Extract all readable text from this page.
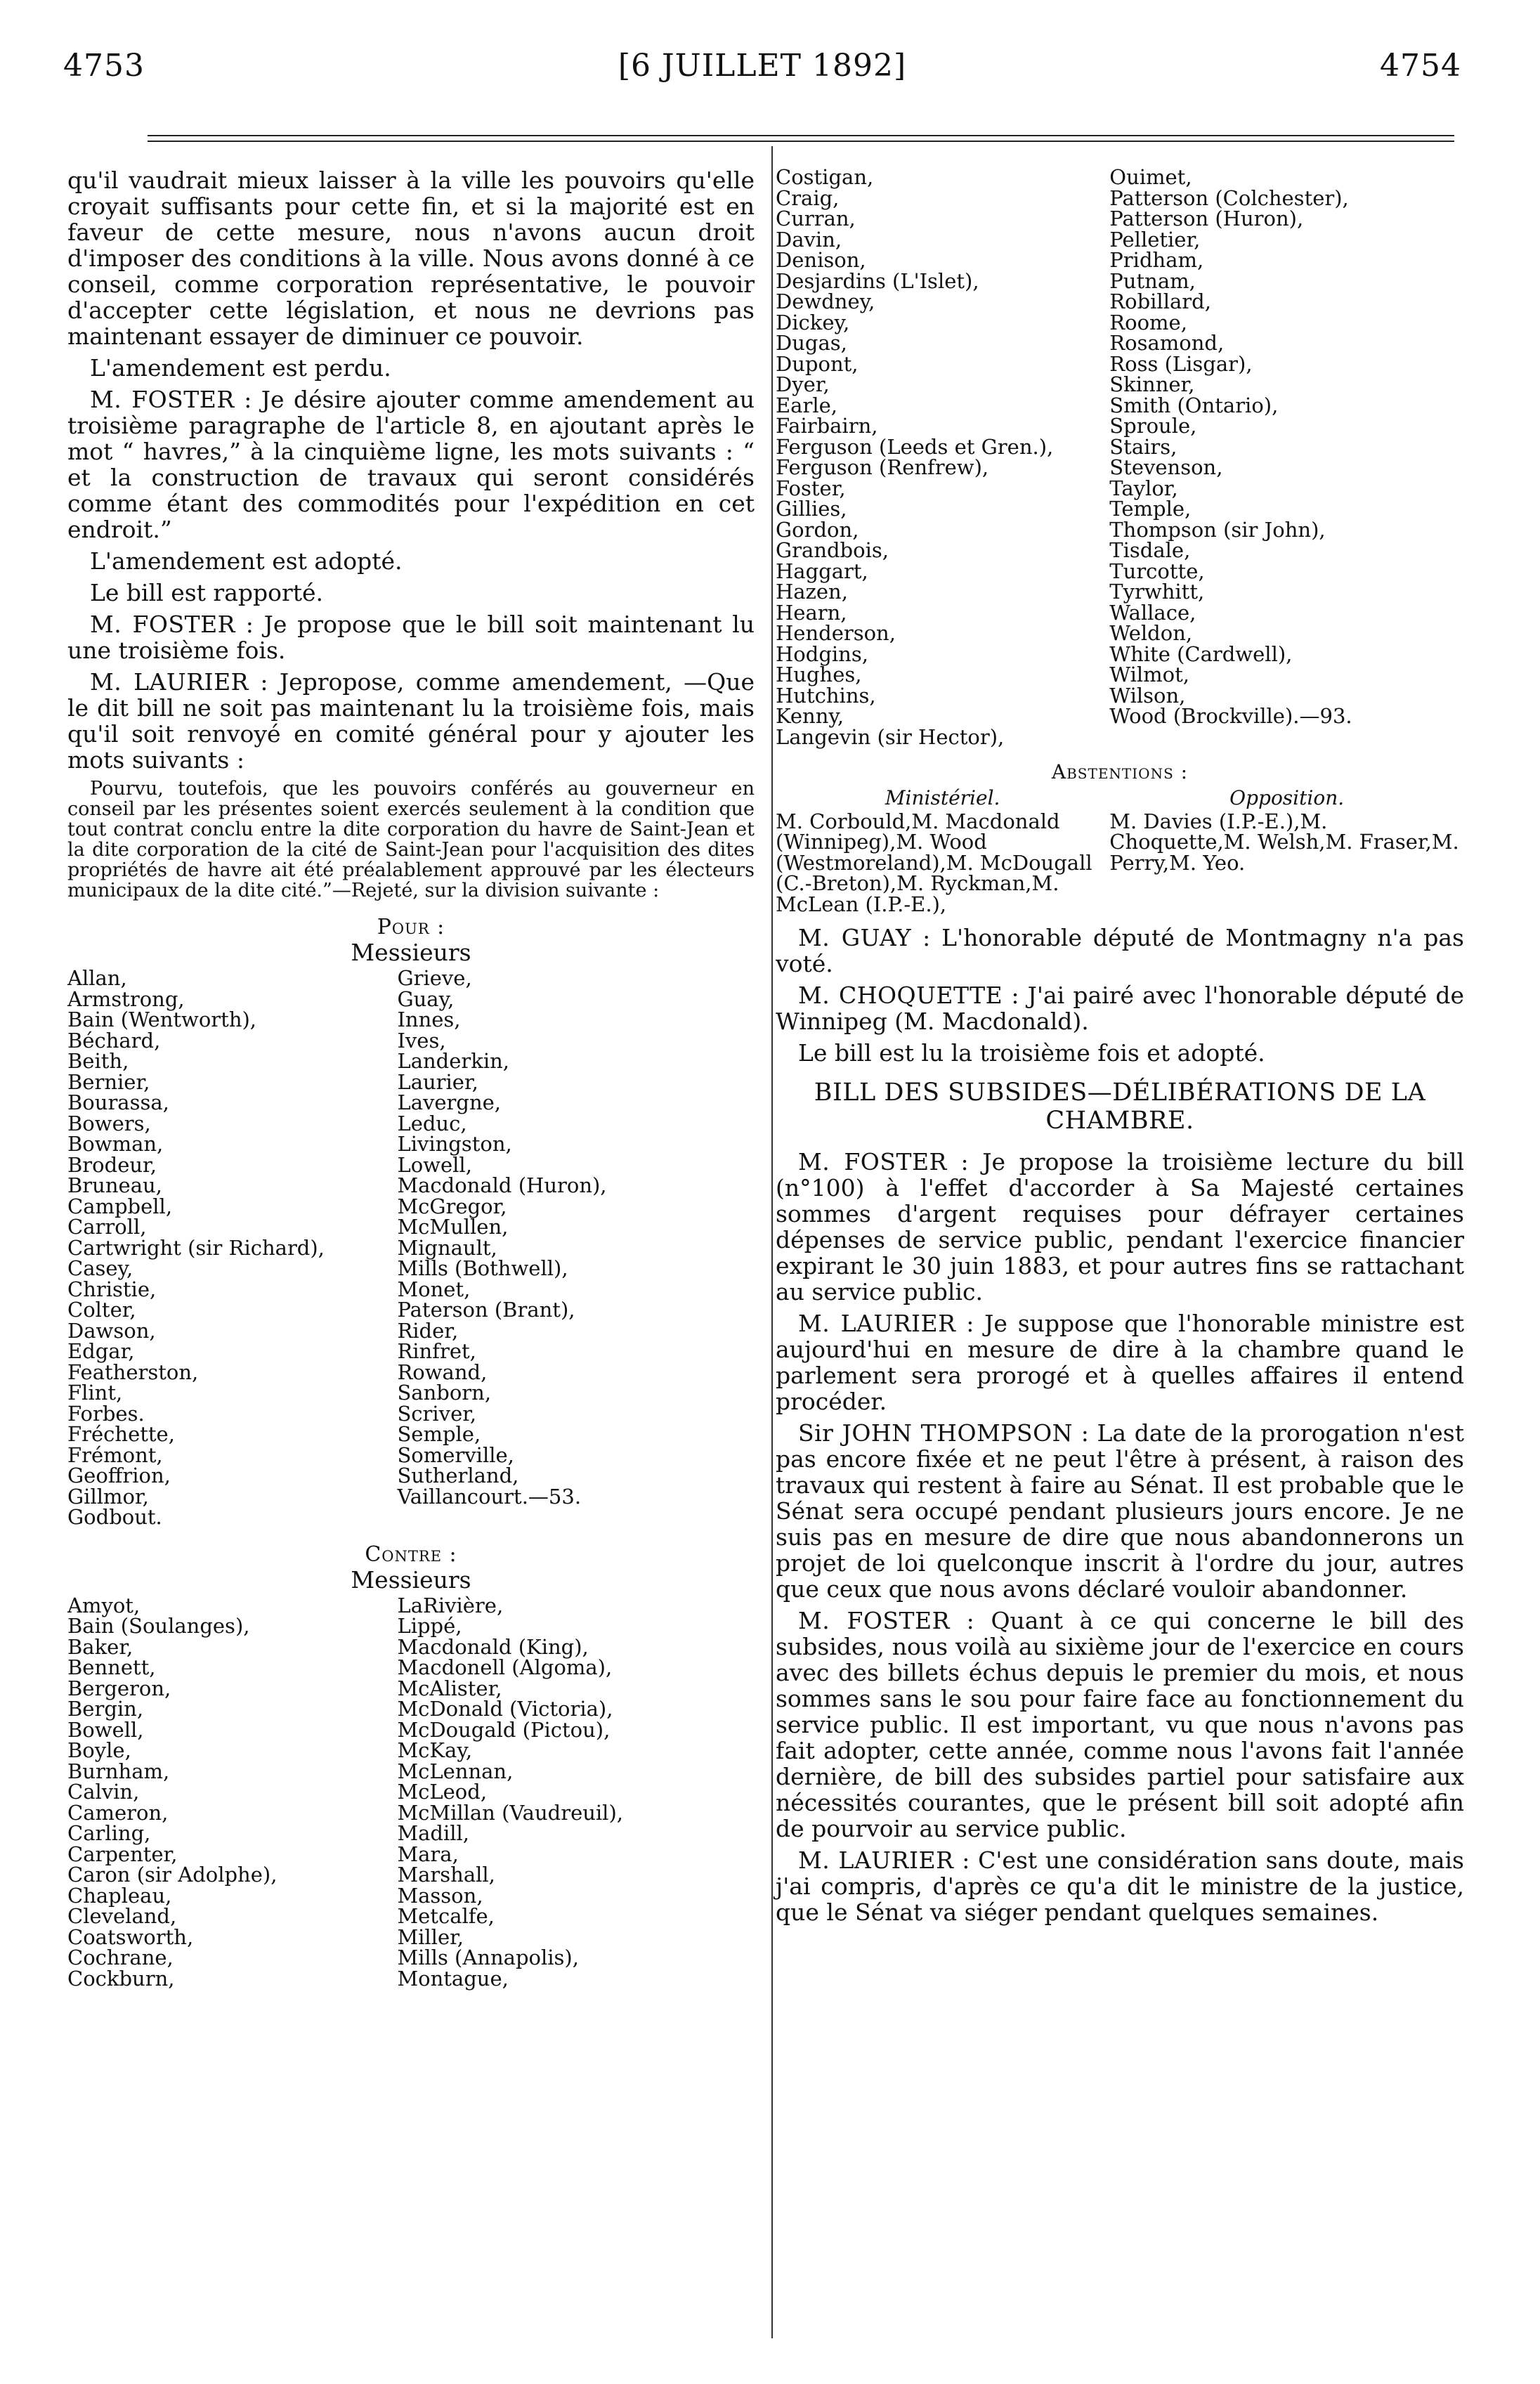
4753	[6 JUILLET 1892]	4754

qu'il vaudrait mieux laisser à la ville les pouvoirs qu'elle croyait suffisants pour cette fin, et si la majorité est en faveur de cette mesure, nous n'avons aucun droit d'imposer des conditions à la ville. Nous avons donné à ce conseil, comme corporation représentative, le pouvoir d'accepter cette législation, et nous ne devrions pas maintenant essayer de diminuer ce pouvoir.

L'amendement est perdu.

M. FOSTER : Je désire ajouter comme amendement au troisième paragraphe de l'article 8, en ajoutant après le mot “ havres,” à la cinquième ligne, les mots suivants : “ et la construction de travaux qui seront considérés comme étant des commodités pour l'expédition en cet endroit.”

L'amendement est adopté.

Le bill est rapporté.

M. FOSTER : Je propose que le bill soit maintenant lu une troisième fois.

M. LAURIER : Jepropose, comme amendement, —Que le dit bill ne soit pas maintenant lu la troisième fois, mais qu'il soit renvoyé en comité général pour y ajouter les mots suivants :

Pourvu, toutefois, que les pouvoirs conférés au gouverneur en conseil par les présentes soient exercés seulement à la condition que tout contrat conclu entre la dite corporation du havre de Saint-Jean et la dite corporation de la cité de Saint-Jean pour l'acquisition des dites propriétés de havre ait été préalablement approuvé par les électeurs municipaux de la dite cité.”—Rejeté, sur la division suivante :

Pour :
Messieurs
Allan,
Armstrong,
Bain (Wentworth),
Béchard,
Beith,
Bernier,
Bourassa,
Bowers,
Bowman,
Brodeur,
Bruneau,
Campbell,
Carroll,
Cartwright (sir Richard),
Casey,
Christie,
Colter,
Dawson,
Edgar,
Featherston,
Flint,
Forbes.
Fréchette,
Frémont,
Geoffrion,
Gillmor,
Godbout.
Grieve,
Guay,
Innes,
Ives,
Landerkin,
Laurier,
Lavergne,
Leduc,
Livingston,
Lowell,
Macdonald (Huron),
McGregor,
McMullen,
Mignault,
Mills (Bothwell),
Monet,
Paterson (Brant),
Rider,
Rinfret,
Rowand,
Sanborn,
Scriver,
Semple,
Somerville,
Sutherland,
Vaillancourt.—53.
Contre :
Messieurs
Amyot,
Bain (Soulanges),
Baker,
Bennett,
Bergeron,
Bergin,
Bowell,
Boyle,
Burnham,
Calvin,
Cameron,
Carling,
Carpenter,
Caron (sir Adolphe),
Chapleau,
Cleveland,
Coatsworth,
Cochrane,
Cockburn,
LaRivière,
Lippé,
Macdonald (King),
Macdonell (Algoma),
McAlister,
McDonald (Victoria),
McDougald (Pictou),
McKay,
McLennan,
McLeod,
McMillan (Vaudreuil),
Madill,
Mara,
Marshall,
Masson,
Metcalfe,
Miller,
Mills (Annapolis),
Montague,
Costigan,
Craig,
Curran,
Davin,
Denison,
Desjardins (L'Islet),
Dewdney,
Dickey,
Dugas,
Dupont,
Dyer,
Earle,
Fairbairn,
Ferguson (Leeds et Gren.),
Ferguson (Renfrew),
Foster,
Gillies,
Gordon,
Grandbois,
Haggart,
Hazen,
Hearn,
Henderson,
Hodgins,
Hughes,
Hutchins,
Kenny,
Langevin (sir Hector),
Ouimet,
Patterson (Colchester),
Patterson (Huron),
Pelletier,
Pridham,
Putnam,
Robillard,
Roome,
Rosamond,
Ross (Lisgar),
Skinner,
Smith (Ontario),
Sproule,
Stairs,
Stevenson,
Taylor,
Temple,
Thompson (sir John),
Tisdale,
Turcotte,
Tyrwhitt,
Wallace,
Weldon,
White (Cardwell),
Wilmot,
Wilson,
Wood (Brockville).—93.
Abstentions :
Ministériel.
M. Corbould,M. Macdonald (Winnipeg),M. Wood (Westmoreland),M. McDougall (C.-Breton),M. Ryckman,M. McLean (I.P.-E.),
Opposition.
M. Davies (I.P.-E.),M. Choquette,M. Welsh,M. Fraser,M. Perry,M. Yeo.

M. GUAY : L'honorable député de Montmagny n'a pas voté.

M. CHOQUETTE : J'ai pairé avec l'honorable député de Winnipeg (M. Macdonald).

Le bill est lu la troisième fois et adopté.

BILL DES SUBSIDES—DÉLIBÉRATIONS DE LA CHAMBRE.

M. FOSTER : Je propose la troisième lecture du bill (n°100) à l'effet d'accorder à Sa Majesté certaines sommes d'argent requises pour défrayer certaines dépenses de service public, pendant l'exercice financier expirant le 30 juin 1883, et pour autres fins se rattachant au service public.

M. LAURIER : Je suppose que l'honorable ministre est aujourd'hui en mesure de dire à la chambre quand le parlement sera prorogé et à quelles affaires il entend procéder.

Sir JOHN THOMPSON : La date de la prorogation n'est pas encore fixée et ne peut l'être à présent, à raison des travaux qui restent à faire au Sénat. Il est probable que le Sénat sera occupé pendant plusieurs jours encore. Je ne suis pas en mesure de dire que nous abandonnerons un projet de loi quelconque inscrit à l'ordre du jour, autres que ceux que nous avons déclaré vouloir abandonner.

M. FOSTER : Quant à ce qui concerne le bill des subsides, nous voilà au sixième jour de l'exercice en cours avec des billets échus depuis le premier du mois, et nous sommes sans le sou pour faire face au fonctionnement du service public. Il est important, vu que nous n'avons pas fait adopter, cette année, comme nous l'avons fait l'année dernière, de bill des subsides partiel pour satisfaire aux nécessités courantes, que le présent bill soit adopté afin de pourvoir au service public.

M. LAURIER : C'est une considération sans doute, mais j'ai compris, d'après ce qu'a dit le ministre de la justice, que le Sénat va siéger pendant quelques semaines.
